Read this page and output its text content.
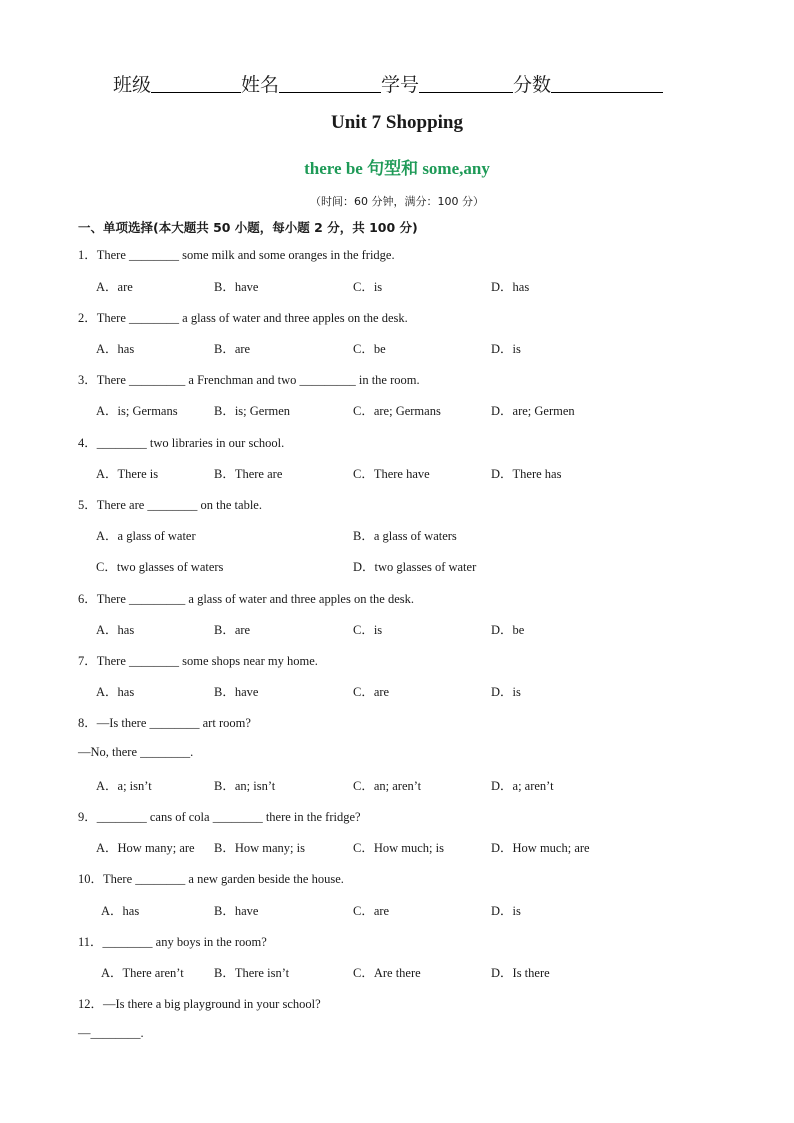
班级	姓名	学号	分数
Unit 7 Shopping
there be 句型和 some,any
（时间：60 分钟，满分：100 分）
一、单项选择(本大题共 50 小题，每小题 2 分，共 100 分)
1．There ________ some milk and some oranges in the fridge.
A．are	B．have	C．is	D．has
2．There ________ a glass of water and three apples on the desk.
A．has	B．are	C．be	D．is
3．There _________ a Frenchman and two _________ in the room.
A．is; Germans	B．is; Germen	C．are; Germans	D．are; Germen
4．________ two libraries in our school.
A．There is	B．There are	C．There have	D．There has
5．There are ________ on the table.
A．a glass of water	B．a glass of waters
C．two glasses of waters	D．two glasses of water
6．There _________ a glass of water and three apples on the desk.
A．has	B．are	C．is	D．be
7．There ________ some shops near my home.
A．has	B．have	C．are	D．is
8．—Is there ________ art room?
—No, there ________.
A．a; isn’t	B．an; isn’t	C．an; aren’t	D．a; aren’t
9．________ cans of cola ________ there in the fridge?
A．How many; are B．How many; is	C．How much; is	D．How much; are
10．There ________ a new garden beside the house.
A．has	B．have	C．are	D．is
11．________ any boys in the room?
A．There aren’t B．There isn’t	C．Are there	D．Is there
12．—Is there a big playground in your school?
—________.
